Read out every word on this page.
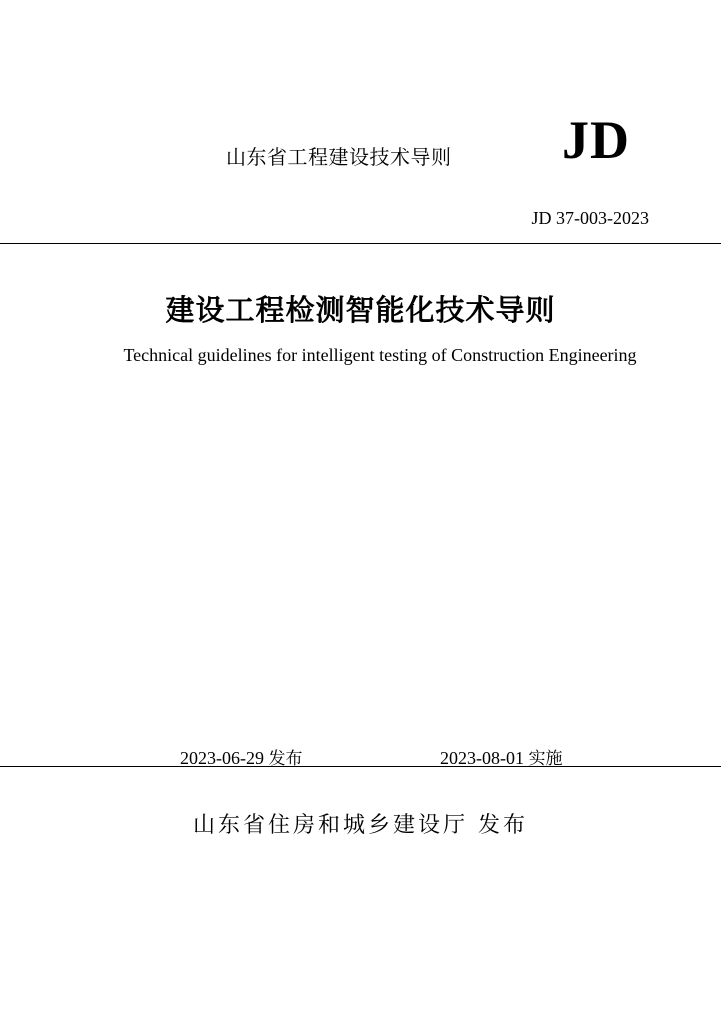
山东省工程建设技术导则 JD
JD 37-003-2023
建设工程检测智能化技术导则
Technical guidelines for intelligent testing of Construction Engineering
2023-06-29 发布	2023-08-01 实施
山东省住房和城乡建设厅 发布
